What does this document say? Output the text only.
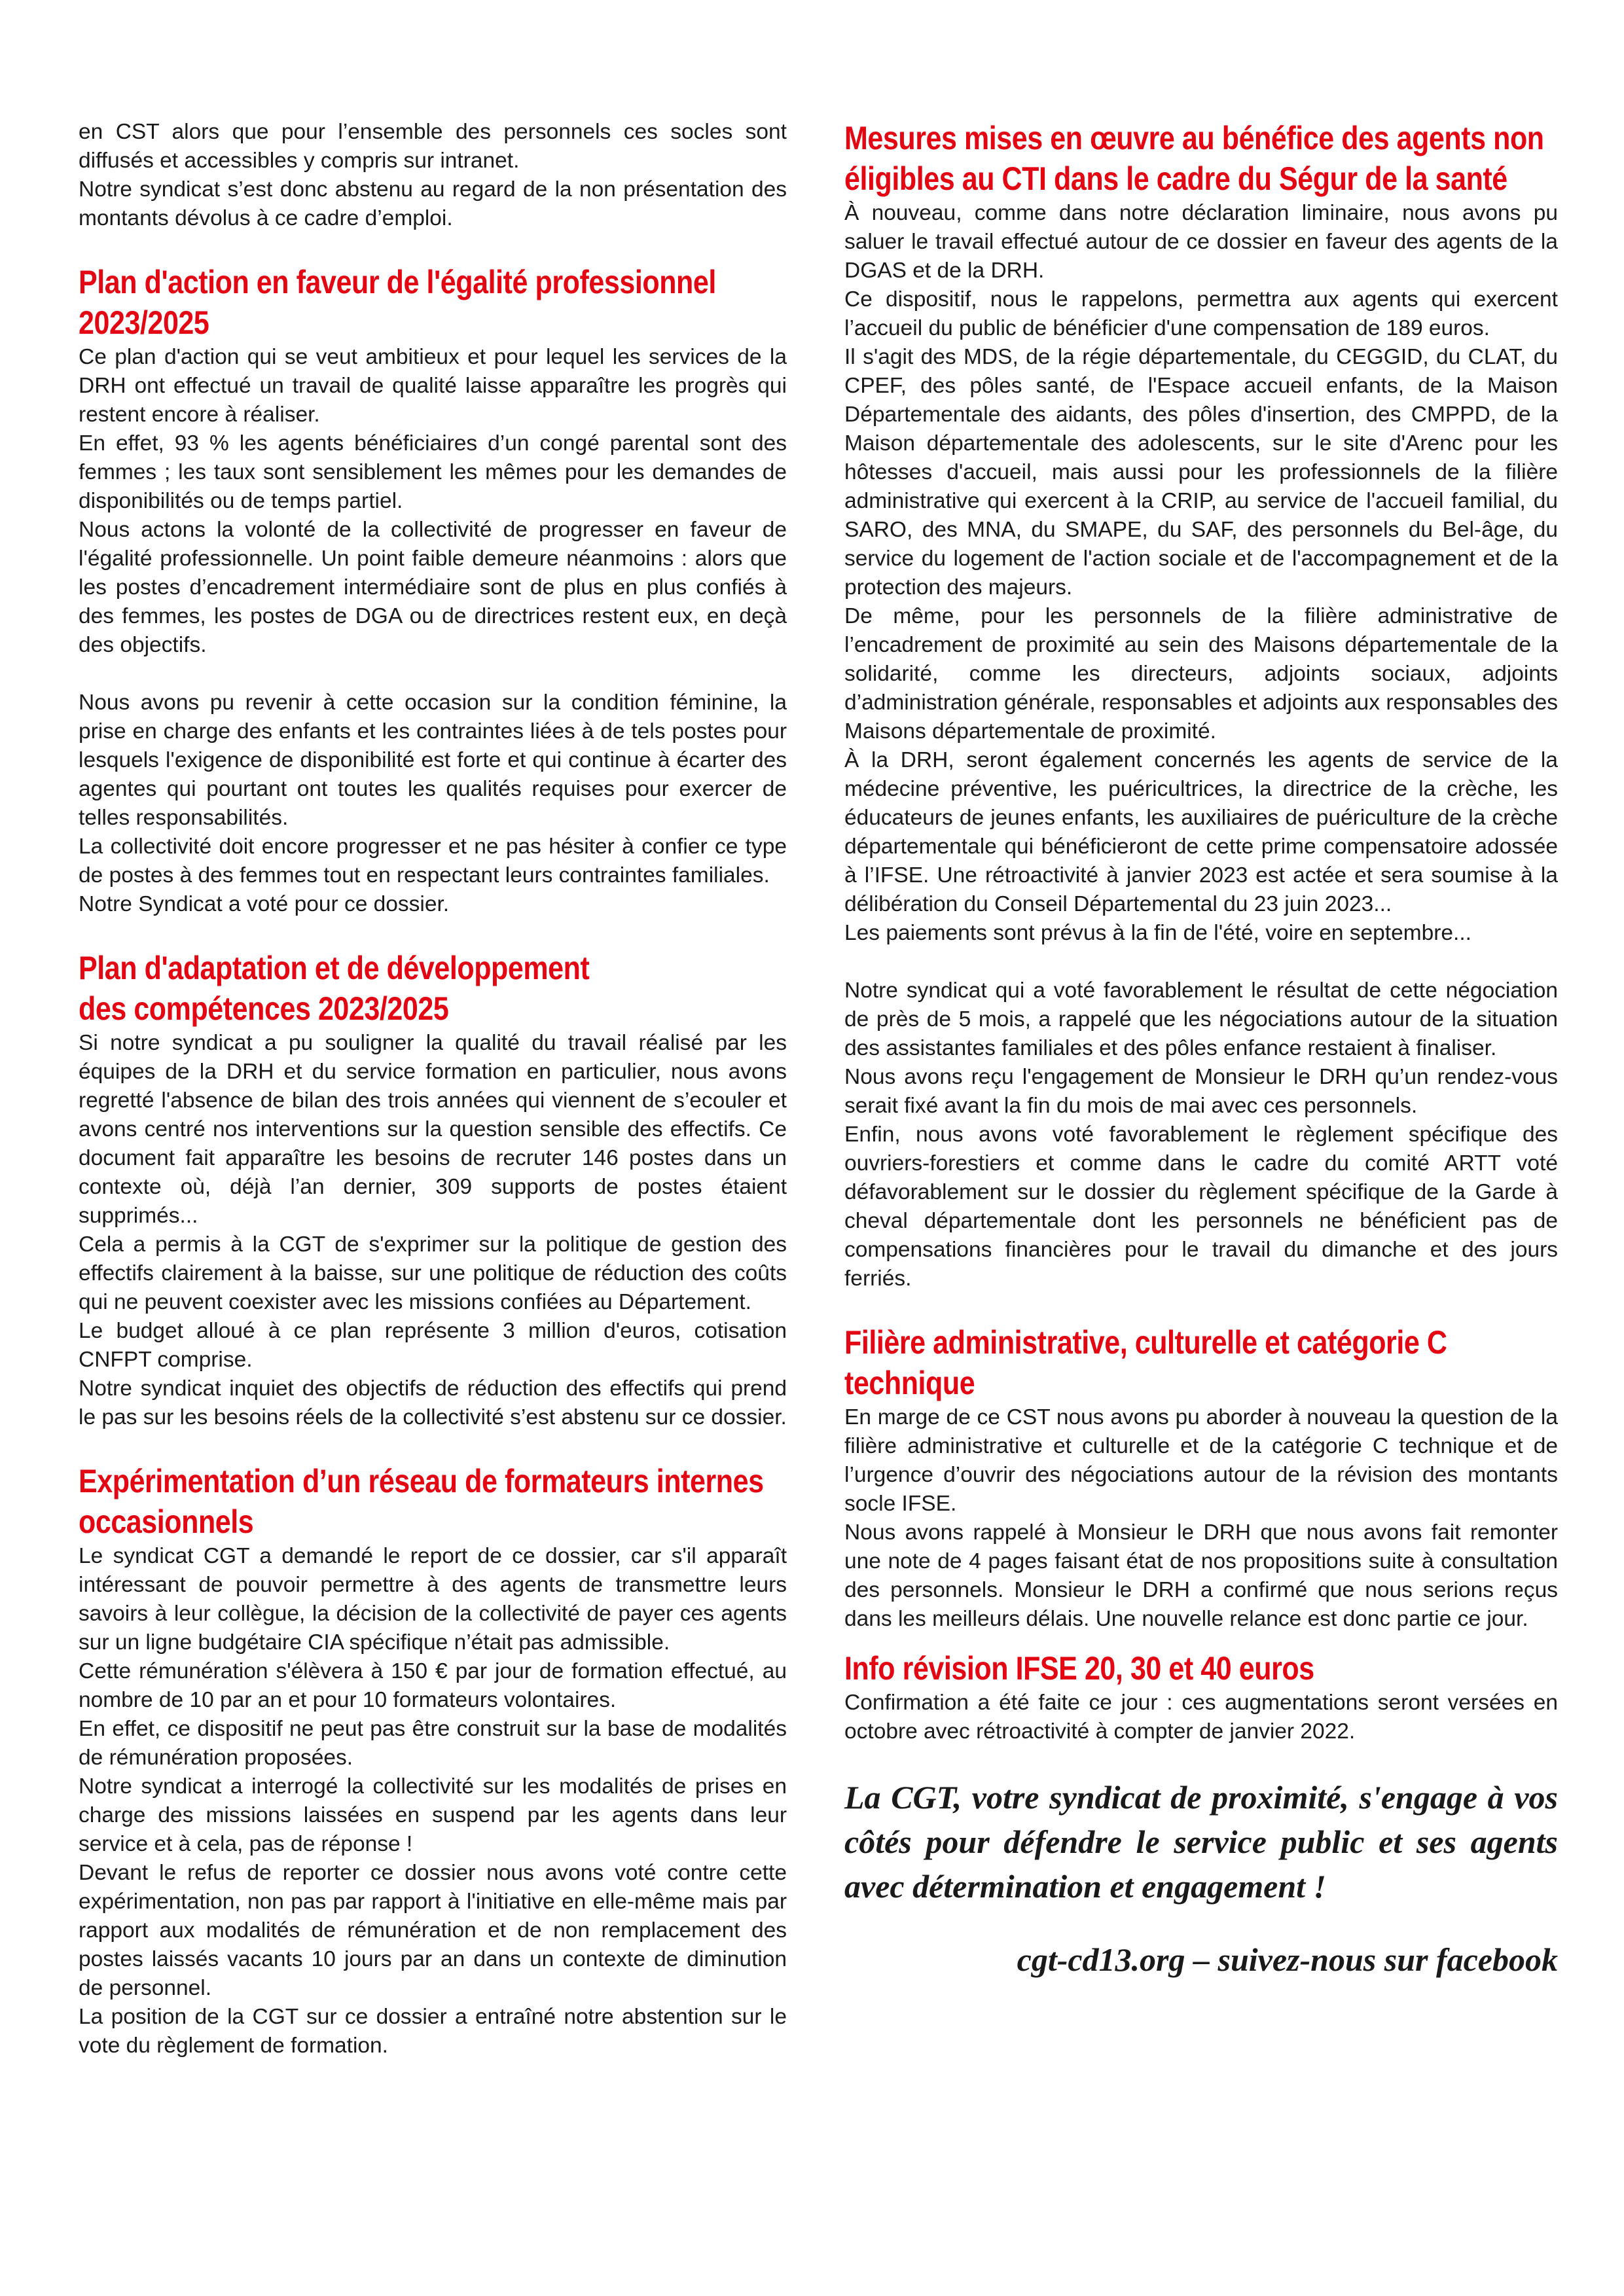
en CST alors que pour l’ensemble des personnels ces socles sont diffusés et accessibles y compris sur intranet.

Notre syndicat s’est donc abstenu au regard de la non présentation des montants dévolus à ce cadre d’emploi.

Plan d'action en faveur de l'égalité professionnel 2023/2025

Ce plan d'action qui se veut ambitieux et pour lequel les services de la DRH ont effectué un travail de qualité laisse apparaître les progrès qui restent encore à réaliser.

En effet, 93 % les agents bénéficiaires d’un congé parental sont des femmes ; les taux sont sensiblement les mêmes pour les demandes de disponibilités ou de temps partiel.

Nous actons la volonté de la collectivité de progresser en faveur de l'égalité professionnelle. Un point faible demeure néanmoins : alors que les postes d’encadrement intermédiaire sont de plus en plus confiés à des femmes, les postes de DGA ou de directrices restent eux, en deçà des objectifs.

Nous avons pu revenir à cette occasion sur la condition féminine, la prise en charge des enfants et les contraintes liées à de tels postes pour lesquels l'exigence de disponibilité est forte et qui continue à écarter des agentes qui pourtant ont toutes les qualités requises pour exercer de telles responsabilités.

La collectivité doit encore progresser et ne pas hésiter à confier ce type de postes à des femmes tout en respectant leurs contraintes familiales.

Notre Syndicat a voté pour ce dossier.

Plan d'adaptation et de développement
des compétences 2023/2025

Si notre syndicat a pu souligner la qualité du travail réalisé par les équipes de la DRH et du service formation en particulier, nous avons regretté l'absence de bilan des trois années qui viennent de s’ecouler et avons centré nos interventions sur la question sensible des effectifs. Ce document fait apparaître les besoins de recruter 146 postes dans un contexte où, déjà l’an dernier, 309 supports de postes étaient supprimés...

Cela a permis à la CGT de s'exprimer sur la politique de gestion des effectifs clairement à la baisse, sur une politique de réduction des coûts qui ne peuvent coexister avec les missions confiées au Département.

Le budget alloué à ce plan représente 3 million d'euros, cotisation CNFPT comprise.

Notre syndicat inquiet des objectifs de réduction des effectifs qui prend le pas sur les besoins réels de la collectivité s’est abstenu sur ce dossier.

Expérimentation d’un réseau de formateurs internes occasionnels

Le syndicat CGT a demandé le report de ce dossier, car s'il apparaît intéressant de pouvoir permettre à des agents de transmettre leurs savoirs à leur collègue, la décision de la collectivité de payer ces agents sur un ligne budgétaire CIA spécifique n’était pas admissible.

Cette rémunération s'élèvera à 150 € par jour de formation effectué, au nombre de 10 par an et pour 10 formateurs volontaires.

En effet, ce dispositif ne peut pas être construit sur la base de modalités de rémunération proposées.

Notre syndicat a interrogé la collectivité sur les modalités de prises en charge des missions laissées en suspend par les agents dans leur service et à cela, pas de réponse !

Devant le refus de reporter ce dossier nous avons voté contre cette expérimentation, non pas par rapport à l'initiative en elle-même mais par rapport aux modalités de rémunération et de non remplacement des postes laissés vacants 10 jours par an dans un contexte de diminution de personnel.

La position de la CGT sur ce dossier a entraîné notre abstention sur le vote du règlement de formation.

Mesures mises en œuvre au bénéfice des agents non éligibles au CTI dans le cadre du Ségur de la santé

À nouveau, comme dans notre déclaration liminaire, nous avons pu saluer le travail effectué autour de ce dossier en faveur des agents de la DGAS et de la DRH.

Ce dispositif, nous le rappelons, permettra aux agents qui exercent l’accueil du public de bénéficier d'une compensation de 189 euros.

Il s'agit des MDS, de la régie départementale, du CEGGID, du CLAT, du CPEF, des pôles santé, de l'Espace accueil enfants, de la Maison Départementale des aidants, des pôles d'insertion, des CMPPD, de la Maison départementale des adolescents, sur le site d'Arenc pour les hôtesses d'accueil, mais aussi pour les professionnels de la filière administrative qui exercent à la CRIP, au service de l'accueil familial, du SARO, des MNA, du SMAPE, du SAF, des personnels du Bel-âge, du service du logement de l'action sociale et de l'accompagnement et de la protection des majeurs.

De même, pour les personnels de la filière administrative de l’encadrement de proximité au sein des Maisons départementale de la solidarité, comme les directeurs, adjoints sociaux, adjoints d’administration générale, responsables et adjoints aux responsables des Maisons départementale de proximité.

À la DRH, seront également concernés les agents de service de la médecine préventive, les puéricultrices, la directrice de la crèche, les éducateurs de jeunes enfants, les auxiliaires de puériculture de la crèche départementale qui bénéficieront de cette prime compensatoire adossée à l’IFSE. Une rétroactivité à janvier 2023 est actée et sera soumise à la délibération du Conseil Départemental du 23 juin 2023...

Les paiements sont prévus à la fin de l'été, voire en septembre...

Notre syndicat qui a voté favorablement le résultat de cette négociation de près de 5 mois, a rappelé que les négociations autour de la situation des assistantes familiales et des pôles enfance restaient à finaliser.

Nous avons reçu l'engagement de Monsieur le DRH qu’un rendez-vous serait fixé avant la fin du mois de mai avec ces personnels.

Enfin, nous avons voté favorablement le règlement spécifique des ouvriers-forestiers et comme dans le cadre du comité ARTT voté défavorablement sur le dossier du règlement spécifique de la Garde à cheval départementale dont les personnels ne bénéficient pas de compensations financières pour le travail du dimanche et des jours ferriés.

Filière administrative, culturelle et catégorie C technique

En marge de ce CST nous avons pu aborder à nouveau la question de la filière administrative et culturelle et de la catégorie C technique et de l’urgence d’ouvrir des négociations autour de la révision des montants socle IFSE.

Nous avons rappelé à Monsieur le DRH que nous avons fait remonter une note de 4 pages faisant état de nos propositions suite à consultation des personnels. Monsieur le DRH a confirmé que nous serions reçus dans les meilleurs délais. Une nouvelle relance est donc partie ce jour.

Info révision IFSE 20, 30 et 40 euros

Confirmation a été faite ce jour : ces augmentations seront versées en octobre avec rétroactivité à compter de janvier 2022.

La CGT, votre syndicat de proximité, s'engage à vos côtés pour défendre le service public et ses agents avec détermination et engagement !

cgt-cd13.org – suivez-nous sur facebook
